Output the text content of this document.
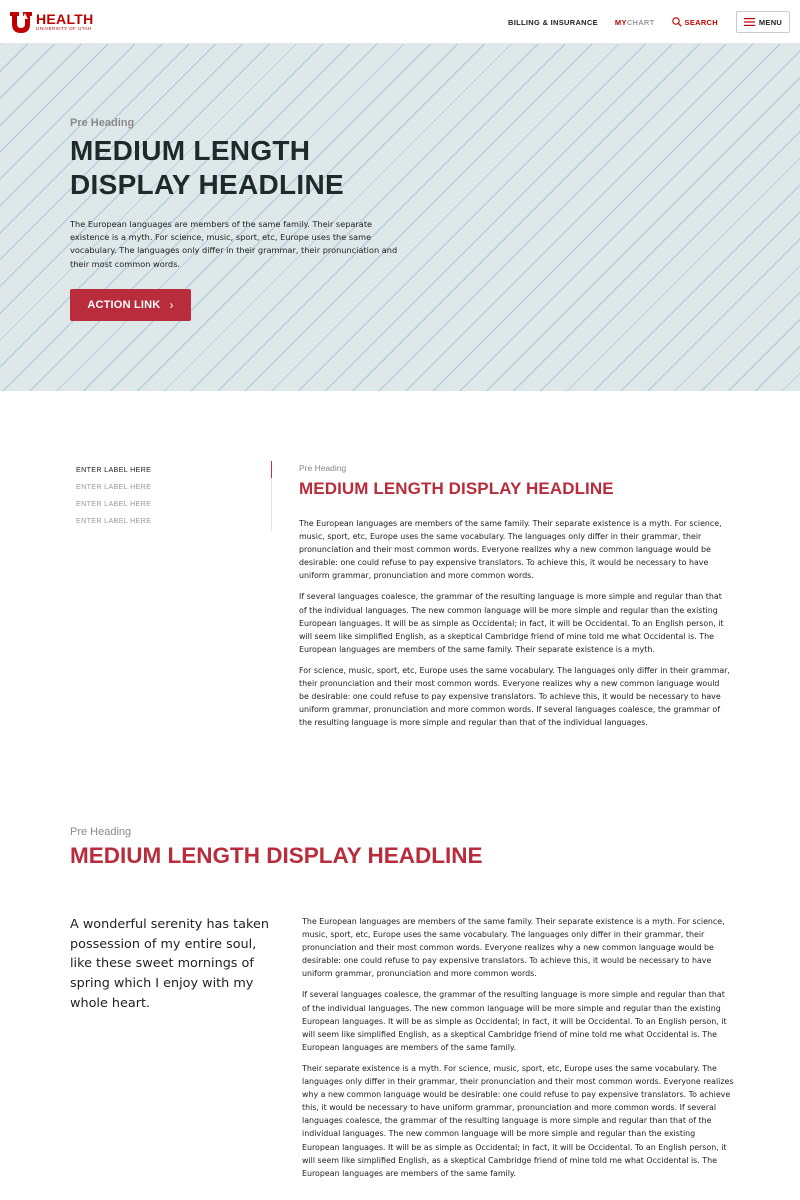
HEALTH
UNIVERSITY OF UTAH
BILLING & INSURANCE MYCHART	SEARCH	MENU
Pre Heading
MEDIUM LENGTH DISPLAY HEADLINE

The European languages are members of the same family. Their separate existence is a myth. For science, music, sport, etc, Europe uses the same vocabulary. The languages only differ in their grammar, their pronunciation and their most common words.

ACTION LINK ›
ENTER LABEL HERE
ENTER LABEL HERE
ENTER LABEL HERE
ENTER LABEL HERE
Pre Heading
MEDIUM LENGTH DISPLAY HEADLINE

The European languages are members of the same family. Their separate existence is a myth. For science, music, sport, etc, Europe uses the same vocabulary. The languages only differ in their grammar, their pronunciation and their most common words. Everyone realizes why a new common language would be desirable: one could refuse to pay expensive translators. To achieve this, it would be necessary to have uniform grammar, pronunciation and more common words.

If several languages coalesce, the grammar of the resulting language is more simple and regular than that of the individual languages. The new common language will be more simple and regular than the existing European languages. It will be as simple as Occidental; in fact, it will be Occidental. To an English person, it will seem like simplified English, as a skeptical Cambridge friend of mine told me what Occidental is. The European languages are members of the same family. Their separate existence is a myth.

For science, music, sport, etc, Europe uses the same vocabulary. The languages only differ in their grammar, their pronunciation and their most common words. Everyone realizes why a new common language would be desirable: one could refuse to pay expensive translators. To achieve this, it would be necessary to have uniform grammar, pronunciation and more common words. If several languages coalesce, the grammar of the resulting language is more simple and regular than that of the individual languages.

Pre Heading
MEDIUM LENGTH DISPLAY HEADLINE

A wonderful serenity has taken possession of my entire soul, like these sweet mornings of spring which I enjoy with my whole heart.

The European languages are members of the same family. Their separate existence is a myth. For science, music, sport, etc, Europe uses the same vocabulary. The languages only differ in their grammar, their pronunciation and their most common words. Everyone realizes why a new common language would be desirable: one could refuse to pay expensive translators. To achieve this, it would be necessary to have uniform grammar, pronunciation and more common words.

If several languages coalesce, the grammar of the resulting language is more simple and regular than that of the individual languages. The new common language will be more simple and regular than the existing European languages. It will be as simple as Occidental; in fact, it will be Occidental. To an English person, it will seem like simplified English, as a skeptical Cambridge friend of mine told me what Occidental is. The European languages are members of the same family.

Their separate existence is a myth. For science, music, sport, etc, Europe uses the same vocabulary. The languages only differ in their grammar, their pronunciation and their most common words. Everyone realizes why a new common language would be desirable: one could refuse to pay expensive translators. To achieve this, it would be necessary to have uniform grammar, pronunciation and more common words. If several languages coalesce, the grammar of the resulting language is more simple and regular than that of the individual languages. The new common language will be more simple and regular than the existing European languages. It will be as simple as Occidental; in fact, it will be Occidental. To an English person, it will seem like simplified English, as a skeptical Cambridge friend of mine told me what Occidental is. The European languages are members of the same family.
